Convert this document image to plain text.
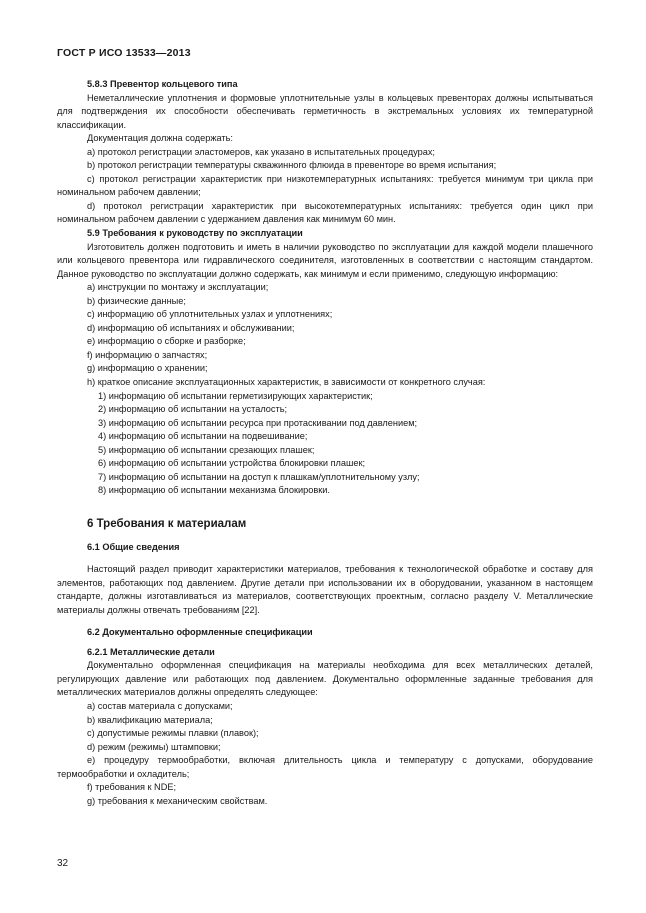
ГОСТ Р ИСО 13533—2013

5.8.3 Превентор кольцевого типа

Неметаллические уплотнения и формовые уплотнительные узлы в кольцевых превенторах должны испытываться для подтверждения их способности обеспечивать герметичность в экстремальных условиях их температурной классификации.

Документация должна содержать:

a) протокол регистрации эластомеров, как указано в испытательных процедурах;

b) протокол регистрации температуры скважинного флюида в превенторе во время испытания;

c) протокол регистрации характеристик при низкотемпературных испытаниях: требуется минимум три цикла при номинальном рабочем давлении;

d) протокол регистрации характеристик при высокотемпературных испытаниях: требуется один цикл при номинальном рабочем давлении с удержанием давления как минимум 60 мин.

5.9 Требования к руководству по эксплуатации

Изготовитель должен подготовить и иметь в наличии руководство по эксплуатации для каждой модели плашечного или кольцевого превентора или гидравлического соединителя, изготовленных в соответствии с настоящим стандартом. Данное руководство по эксплуатации должно содержать, как минимум и если применимо, следующую информацию:

a) инструкции по монтажу и эксплуатации;

b) физические данные;

c) информацию об уплотнительных узлах и уплотнениях;

d) информацию об испытаниях и обслуживании;

e) информацию о сборке и разборке;

f) информацию о запчастях;

g) информацию о хранении;

h) краткое описание эксплуатационных характеристик, в зависимости от конкретного случая:

1) информацию об испытании герметизирующих характеристик;

2) информацию об испытании на усталость;

3) информацию об испытании ресурса при протаскивании под давлением;

4) информацию об испытании на подвешивание;

5) информацию об испытании срезающих плашек;

6) информацию об испытании устройства блокировки плашек;

7) информацию об испытании на доступ к плашкам/уплотнительному узлу;

8) информацию об испытании механизма блокировки.

6 Требования к материалам

6.1 Общие сведения

Настоящий раздел приводит характеристики материалов, требования к технологической обработке и составу для элементов, работающих под давлением. Другие детали при использовании их в оборудовании, указанном в настоящем стандарте, должны изготавливаться из материалов, соответствующих проектным, согласно разделу V. Металлические материалы должны отвечать требованиям [22].

6.2 Документально оформленные спецификации

6.2.1 Металлические детали

Документально оформленная спецификация на материалы необходима для всех металлических деталей, регулирующих давление или работающих под давлением. Документально оформленные заданные требования для металлических материалов должны определять следующее:

a) состав материала с допусками;

b) квалификацию материала;

c) допустимые режимы плавки (плавок);

d) режим (режимы) штамповки;

e) процедуру термообработки, включая длительность цикла и температуру с допусками, оборудование термообработки и охладитель;

f) требования к NDE;

g) требования к механическим свойствам.

32
